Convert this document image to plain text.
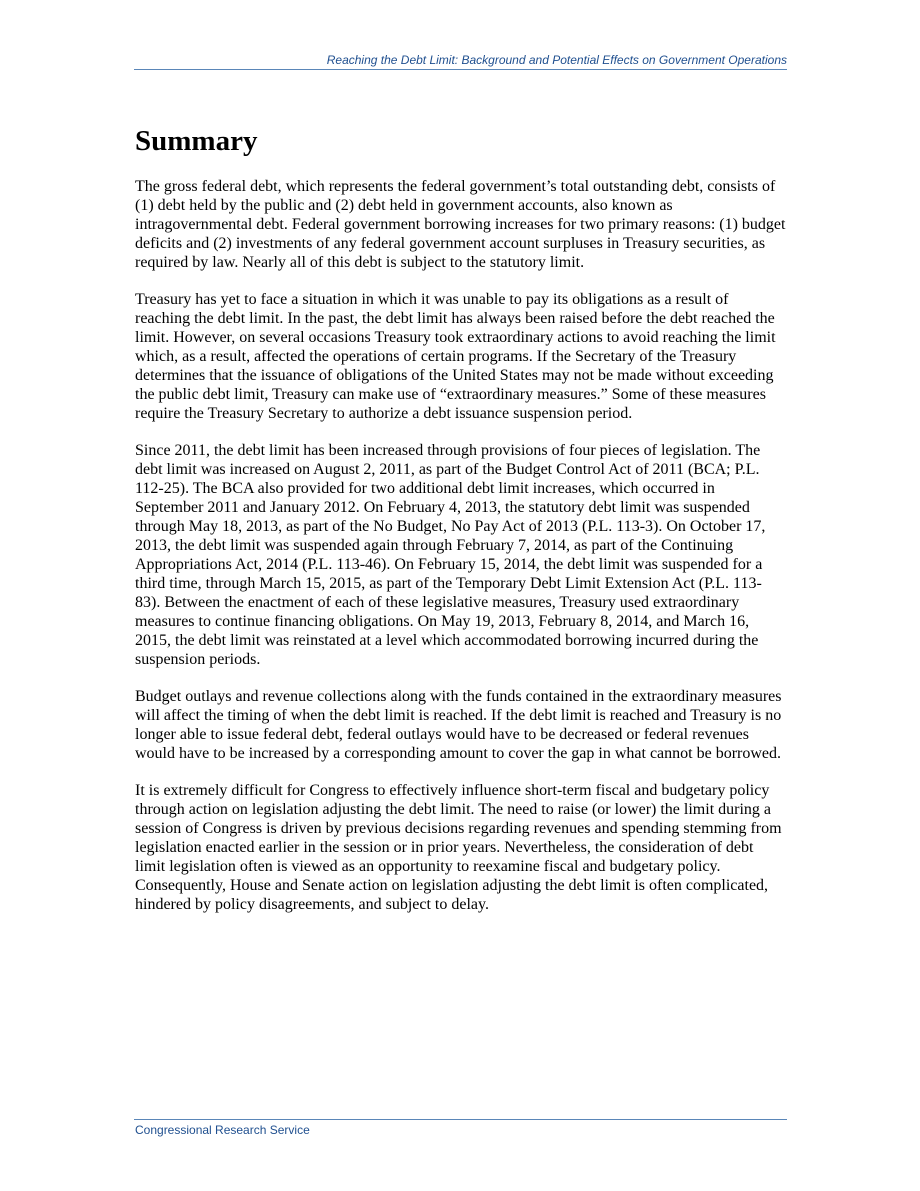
Reaching the Debt Limit: Background and Potential Effects on Government Operations
Summary

The gross federal debt, which represents the federal government’s total outstanding debt, consists of (1) debt held by the public and (2) debt held in government accounts, also known as intragovernmental debt. Federal government borrowing increases for two primary reasons: (1) budget deficits and (2) investments of any federal government account surpluses in Treasury securities, as required by law. Nearly all of this debt is subject to the statutory limit.

Treasury has yet to face a situation in which it was unable to pay its obligations as a result of reaching the debt limit. In the past, the debt limit has always been raised before the debt reached the limit. However, on several occasions Treasury took extraordinary actions to avoid reaching the limit which, as a result, affected the operations of certain programs. If the Secretary of the Treasury determines that the issuance of obligations of the United States may not be made without exceeding the public debt limit, Treasury can make use of “extraordinary measures.” Some of these measures require the Treasury Secretary to authorize a debt issuance suspension period.

Since 2011, the debt limit has been increased through provisions of four pieces of legislation. The debt limit was increased on August 2, 2011, as part of the Budget Control Act of 2011 (BCA; P.L. 112-25). The BCA also provided for two additional debt limit increases, which occurred in September 2011 and January 2012. On February 4, 2013, the statutory debt limit was suspended through May 18, 2013, as part of the No Budget, No Pay Act of 2013 (P.L. 113-3). On October 17, 2013, the debt limit was suspended again through February 7, 2014, as part of the Continuing Appropriations Act, 2014 (P.L. 113-46). On February 15, 2014, the debt limit was suspended for a third time, through March 15, 2015, as part of the Temporary Debt Limit Extension Act (P.L. 113-83). Between the enactment of each of these legislative measures, Treasury used extraordinary measures to continue financing obligations. On May 19, 2013, February 8, 2014, and March 16, 2015, the debt limit was reinstated at a level which accommodated borrowing incurred during the suspension periods.

Budget outlays and revenue collections along with the funds contained in the extraordinary measures will affect the timing of when the debt limit is reached. If the debt limit is reached and Treasury is no longer able to issue federal debt, federal outlays would have to be decreased or federal revenues would have to be increased by a corresponding amount to cover the gap in what cannot be borrowed.

It is extremely difficult for Congress to effectively influence short-term fiscal and budgetary policy through action on legislation adjusting the debt limit. The need to raise (or lower) the limit during a session of Congress is driven by previous decisions regarding revenues and spending stemming from legislation enacted earlier in the session or in prior years. Nevertheless, the consideration of debt limit legislation often is viewed as an opportunity to reexamine fiscal and budgetary policy. Consequently, House and Senate action on legislation adjusting the debt limit is often complicated, hindered by policy disagreements, and subject to delay.

Congressional Research Service
